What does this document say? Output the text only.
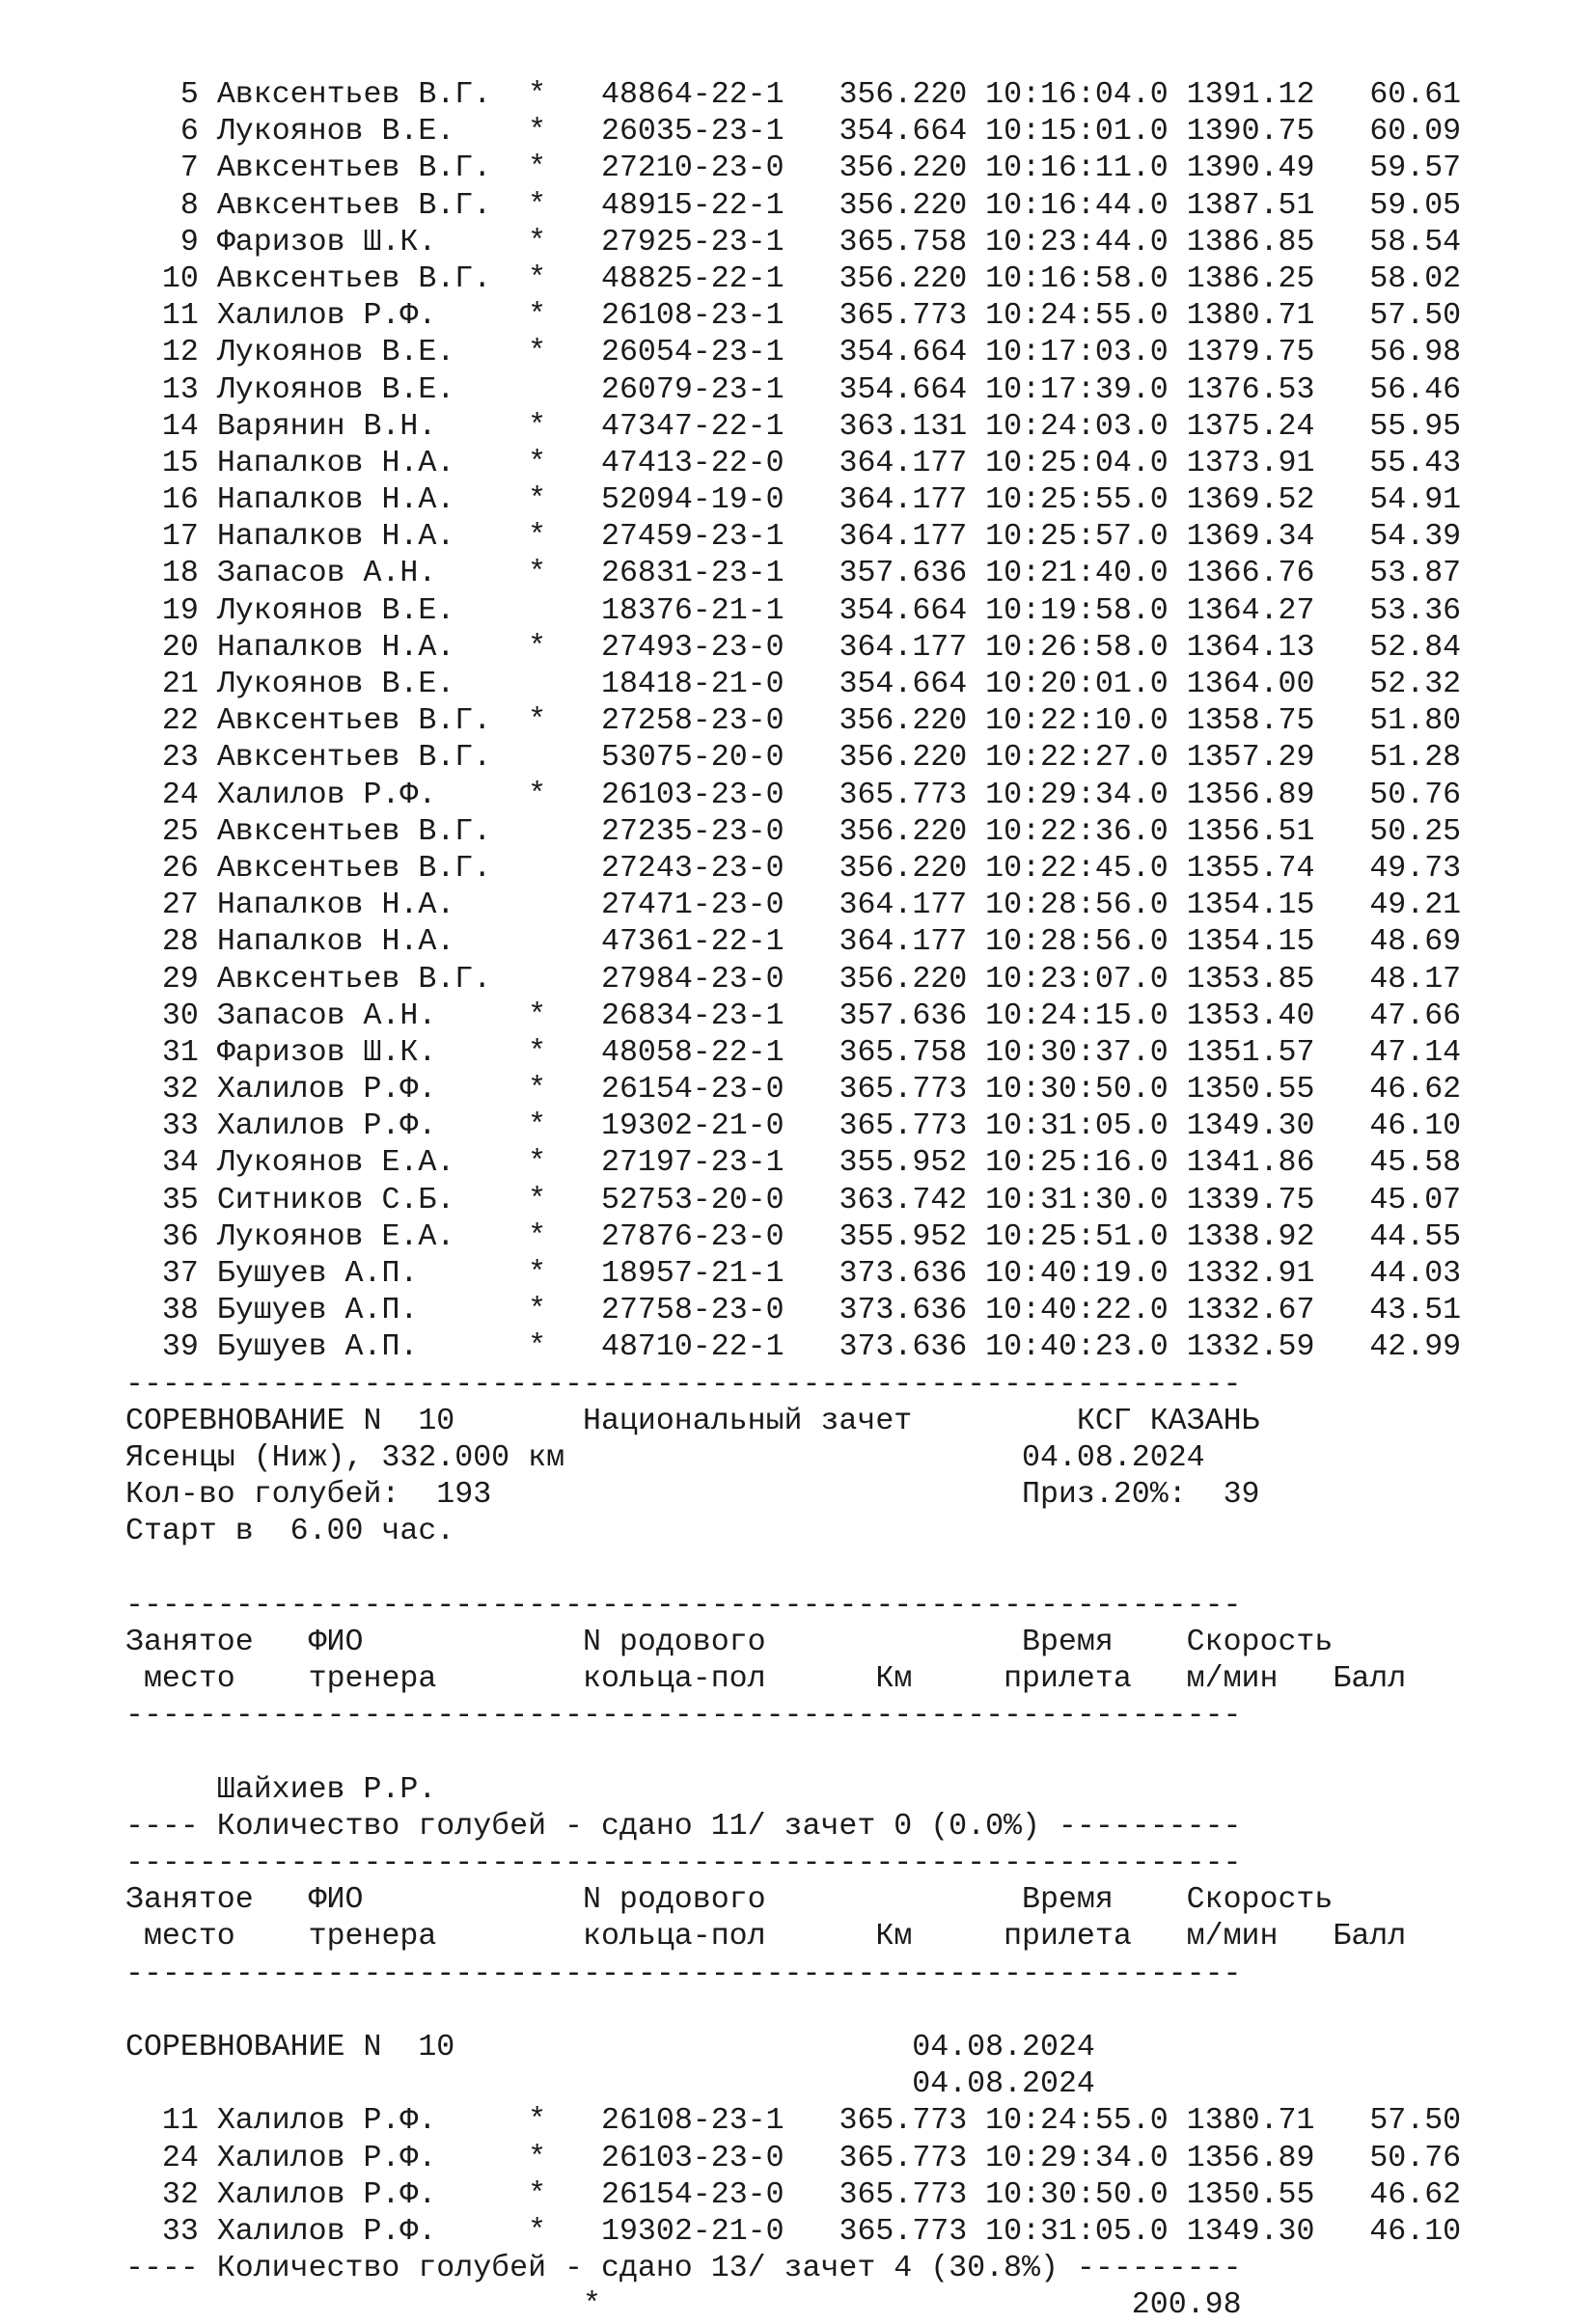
5 Авксентьев В.Г.  * 48864-22-1 356.220 10:16:04.0 1391.12   60.61
6 Лукоянов В.Е.    * 26035-23-1 354.664 10:15:01.0 1390.75   60.09
7 Авксентьев В.Г.  * 27210-23-0 356.220 10:16:11.0 1390.49   59.57
8 Авксентьев В.Г.  * 48915-22-1 356.220 10:16:44.0 1387.51   59.05
9 Фаризов Ш.К.     * 27925-23-1 365.758 10:23:44.0 1386.85   58.54
10 Авксентьев В.Г.  * 48825-22-1 356.220 10:16:58.0 1386.25   58.02
11 Халилов Р.Ф.     * 26108-23-1 365.773 10:24:55.0 1380.71   57.50
12 Лукоянов В.Е.    * 26054-23-1 354.664 10:17:03.0 1379.75   56.98
13 Лукоянов В.Е.	26079-23-1 354.664 10:17:39.0 1376.53   56.46
14 Варянин В.Н.     * 47347-22-1 363.131 10:24:03.0 1375.24   55.95
15 Напалков Н.А.    * 47413-22-0 364.177 10:25:04.0 1373.91   55.43
16 Напалков Н.А.    * 52094-19-0 364.177 10:25:55.0 1369.52   54.91
17 Напалков Н.А.    * 27459-23-1 364.177 10:25:57.0 1369.34   54.39
18 Запасов А.Н.     * 26831-23-1 357.636 10:21:40.0 1366.76   53.87
19 Лукоянов В.Е.	18376-21-1 354.664 10:19:58.0 1364.27   53.36
20 Напалков Н.А.    * 27493-23-0 364.177 10:26:58.0 1364.13   52.84
21 Лукоянов В.Е.	18418-21-0 354.664 10:20:01.0 1364.00   52.32
22 Авксентьев В.Г.  * 27258-23-0 356.220 10:22:10.0 1358.75   51.80
23 Авксентьев В.Г.	53075-20-0 356.220 10:22:27.0 1357.29   51.28
24 Халилов Р.Ф.     * 26103-23-0 365.773 10:29:34.0 1356.89   50.76
25 Авксентьев В.Г.	27235-23-0 356.220 10:22:36.0 1356.51   50.25
26 Авксентьев В.Г.	27243-23-0 356.220 10:22:45.0 1355.74   49.73
27 Напалков Н.А.	27471-23-0 364.177 10:28:56.0 1354.15   49.21
28 Напалков Н.А.	47361-22-1 364.177 10:28:56.0 1354.15   48.69
29 Авксентьев В.Г.	27984-23-0 356.220 10:23:07.0 1353.85   48.17
30 Запасов А.Н.     * 26834-23-1 357.636 10:24:15.0 1353.40   47.66
31 Фаризов Ш.К.     * 48058-22-1 365.758 10:30:37.0 1351.57   47.14
32 Халилов Р.Ф.     * 26154-23-0 365.773 10:30:50.0 1350.55   46.62
33 Халилов Р.Ф.     * 19302-21-0 365.773 10:31:05.0 1349.30   46.10
34 Лукоянов Е.А.    * 27197-23-1 355.952 10:25:16.0 1341.86   45.58
35 Ситников С.Б.    * 52753-20-0 363.742 10:31:30.0 1339.75   45.07
36 Лукоянов Е.А.    * 27876-23-0 355.952 10:25:51.0 1338.92   44.55
37 Бушуев А.П.      * 18957-21-1 373.636 10:40:19.0 1332.91   44.03
38 Бушуев А.П.      * 27758-23-0 373.636 10:40:22.0 1332.67   43.51
39 Бушуев А.П.      * 48710-22-1 373.636 10:40:23.0 1332.59   42.99
-------------------------------------------------------------
СОРЕВНОВАНИЕ N  10       Национальный зачет         КСГ КАЗАНЬ
Ясенцы (Ниж), 332.000 км                         04.08.2024
Кол-во голубей:  193	Приз.20%:  39
Старт в  6.00 час.

-------------------------------------------------------------
Занятое   ФИО            N родового              Время    Скорость
место    тренера        кольца-пол      Км     прилета   м/мин   Балл
-------------------------------------------------------------

Шайхиев Р.Р.
---- Количество голубей - сдано 11/ зачет 0 (0.0%) ----------
-------------------------------------------------------------
Занятое   ФИО            N родового              Время    Скорость
место    тренера        кольца-пол      Км     прилета   м/мин   Балл
-------------------------------------------------------------

СОРЕВНОВАНИЕ N  10                         04.08.2024
04.08.2024
11 Халилов Р.Ф.     * 26108-23-1 365.773 10:24:55.0 1380.71   57.50
24 Халилов Р.Ф.     * 26103-23-0 365.773 10:29:34.0 1356.89   50.76
32 Халилов Р.Ф.     * 26154-23-0 365.773 10:30:50.0 1350.55   46.62
33 Халилов Р.Ф.     * 19302-21-0 365.773 10:31:05.0 1349.30   46.10
---- Количество голубей - сдано 13/ зачет 4 (30.8%) ---------
*	200.98
